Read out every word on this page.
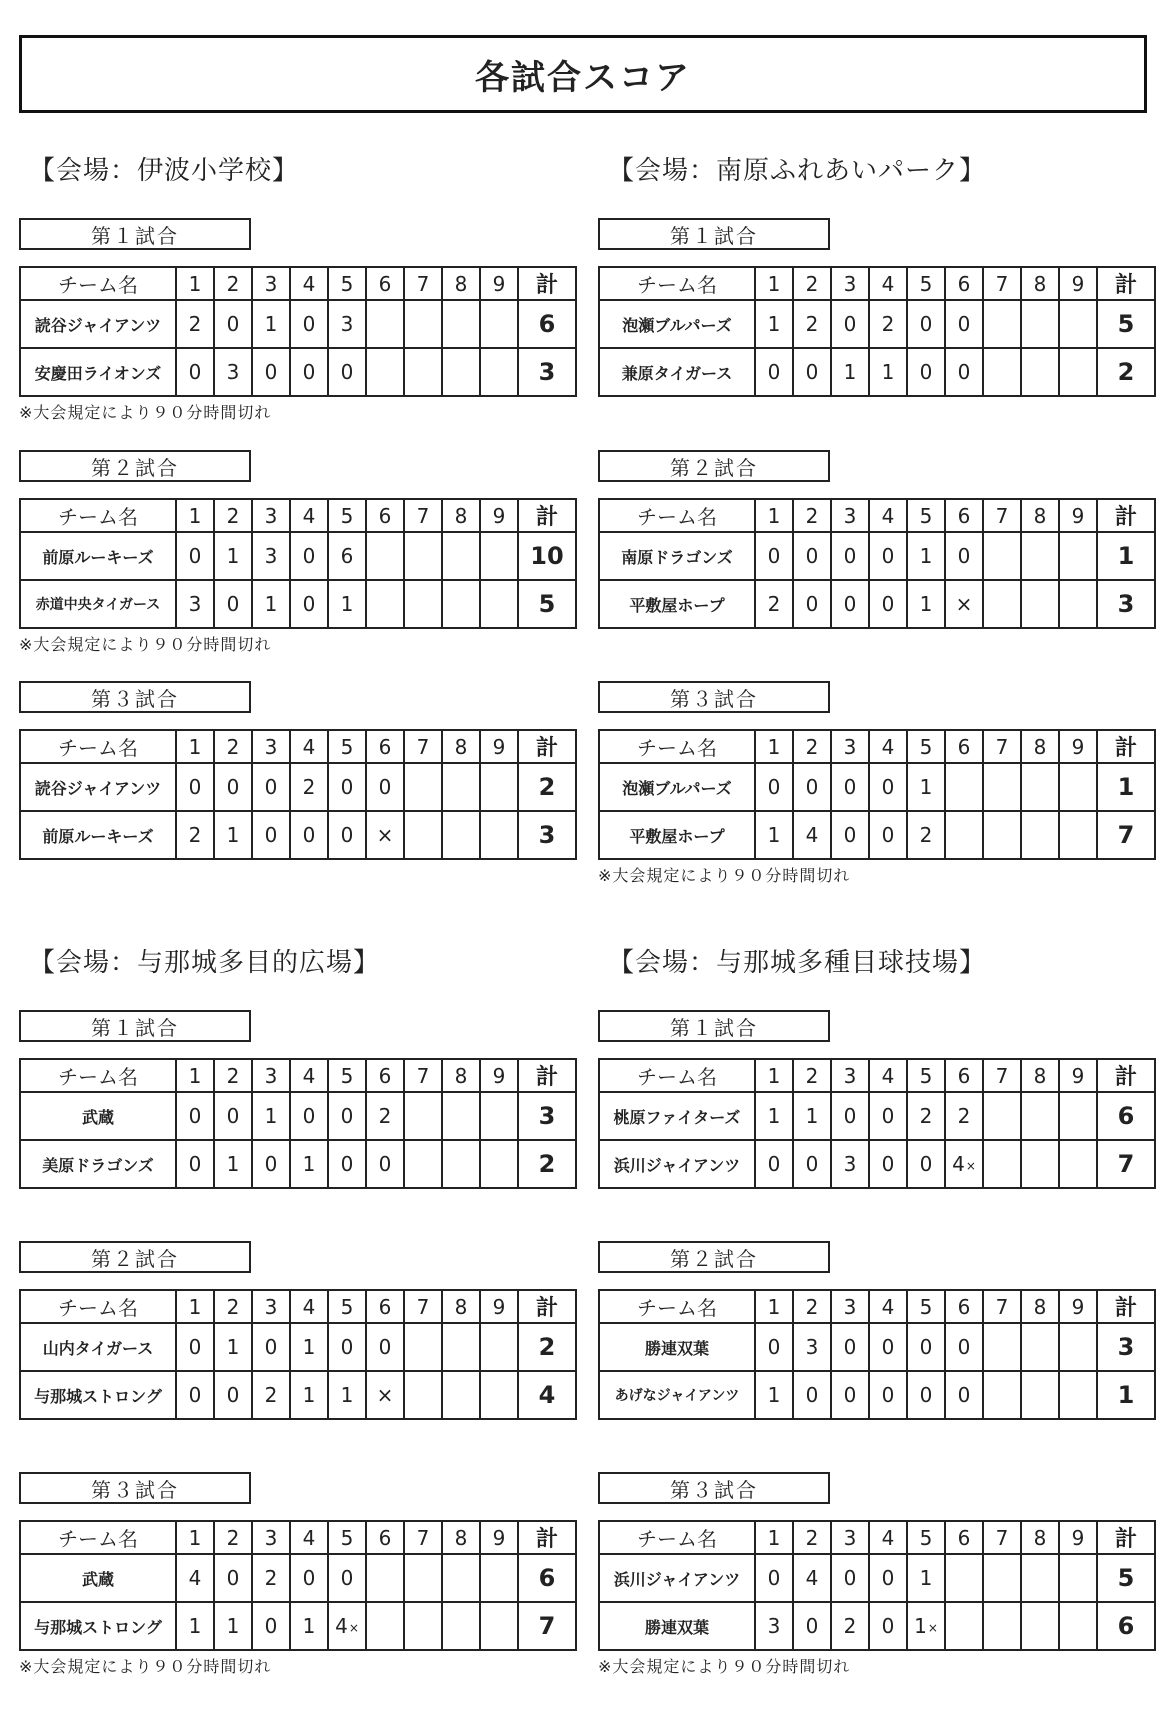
各試合スコア
【会場：伊波小学校】
第１試合
チーム名	1	2	3	4	5	6	7	8	9	計
読谷ジャイアンツ	2	0	1	0	3					6
安慶田ライオンズ	0	3	0	0	0					3
※大会規定により９０分時間切れ
第２試合
チーム名	1	2	3	4	5	6	7	8	9	計
前原ルーキーズ	0	1	3	0	6					10
赤道中央タイガース	3	0	1	0	1					5
※大会規定により９０分時間切れ
第３試合
チーム名	1	2	3	4	5	6	7	8	9	計
読谷ジャイアンツ	0	0	0	2	0	0				2
前原ルーキーズ	2	1	0	0	0	×				3
【会場：南原ふれあいパーク】
第１試合
チーム名	1	2	3	4	5	6	7	8	9	計
泡瀬ブルパーズ	1	2	0	2	0	0				5
兼原タイガース	0	0	1	1	0	0				2
第２試合
チーム名	1	2	3	4	5	6	7	8	9	計
南原ドラゴンズ	0	0	0	0	1	0				1
平敷屋ホープ	2	0	0	0	1	×				3
第３試合
チーム名	1	2	3	4	5	6	7	8	9	計
泡瀬ブルパーズ	0	0	0	0	1					1
平敷屋ホープ	1	4	0	0	2					7
※大会規定により９０分時間切れ
【会場：与那城多目的広場】
第１試合
チーム名	1	2	3	4	5	6	7	8	9	計
武蔵	0	0	1	0	0	2				3
美原ドラゴンズ	0	1	0	1	0	0				2
第２試合
チーム名	1	2	3	4	5	6	7	8	9	計
山内タイガース	0	1	0	1	0	0				2
与那城ストロング	0	0	2	1	1	×				4
第３試合
チーム名	1	2	3	4	5	6	7	8	9	計
武蔵	4	0	2	0	0					6
与那城ストロング	1	1	0	1	4×					7
※大会規定により９０分時間切れ
【会場：与那城多種目球技場】
第１試合
チーム名	1	2	3	4	5	6	7	8	9	計
桃原ファイターズ	1	1	0	0	2	2				6
浜川ジャイアンツ	0	0	3	0	0	4×				7
第２試合
チーム名	1	2	3	4	5	6	7	8	9	計
勝連双葉	0	3	0	0	0	0				3
あげなジャイアンツ	1	0	0	0	0	0				1
第３試合
チーム名	1	2	3	4	5	6	7	8	9	計
浜川ジャイアンツ	0	4	0	0	1					5
勝連双葉	3	0	2	0	1×					6
※大会規定により９０分時間切れ
